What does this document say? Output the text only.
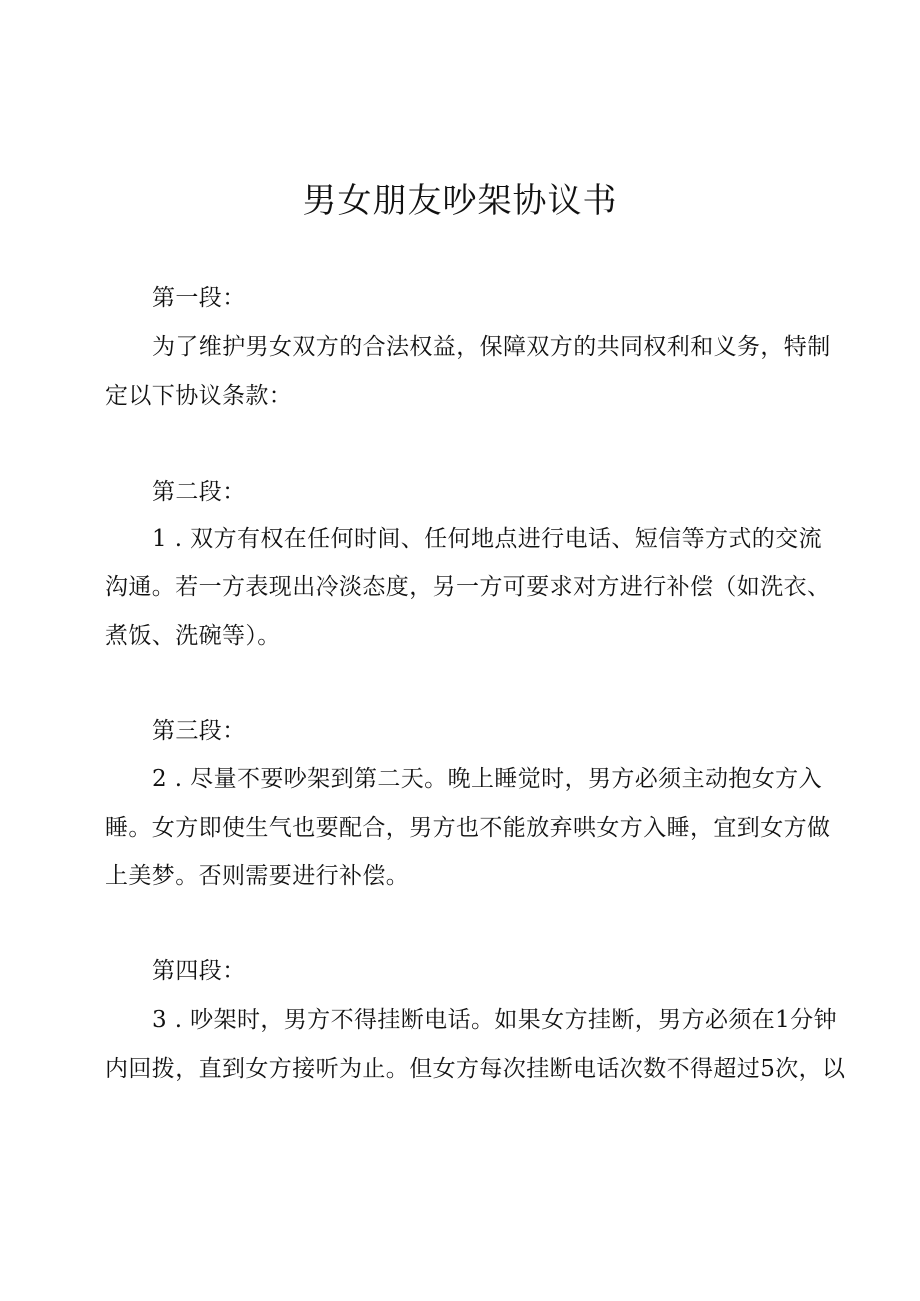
男女朋友吵架协议书
第一段：
为了维护男女双方的合法权益，保障双方的共同权利和义务，特制
定以下协议条款：
第二段：
1 . 双方有权在任何时间、任何地点进行电话、短信等方式的交流
沟通。若一方表现出冷淡态度，另一方可要求对方进行补偿（如洗衣、
煮饭、洗碗等）。
第三段：
2 . 尽量不要吵架到第二天。晚上睡觉时，男方必须主动抱女方入
睡。女方即使生气也要配合，男方也不能放弃哄女方入睡，宜到女方做
上美梦。否则需要进行补偿。
第四段：
3 . 吵架时，男方不得挂断电话。如果女方挂断，男方必须在1分钟
内回拨，直到女方接听为止。但女方每次挂断电话次数不得超过5次，以
